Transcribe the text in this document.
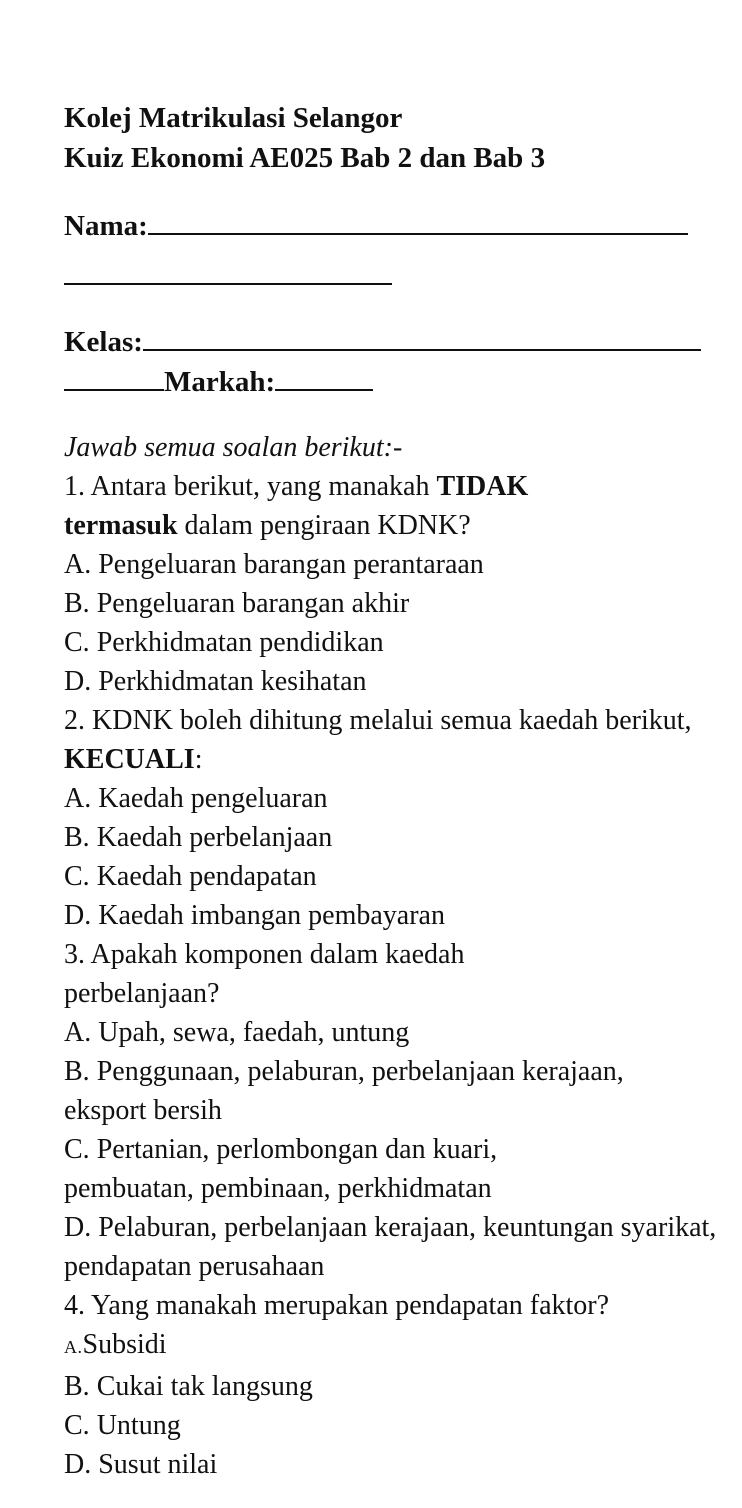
Kolej Matrikulasi Selangor
Kuiz Ekonomi AE025 Bab 2 dan Bab 3
Nama:
Kelas:
Markah:
Jawab semua soalan berikut:-
1. Antara berikut, yang manakah TIDAK termasuk dalam pengiraan KDNK?
A. Pengeluaran barangan perantaraan
B. Pengeluaran barangan akhir
C. Perkhidmatan pendidikan
D. Perkhidmatan kesihatan
2. KDNK boleh dihitung melalui semua kaedah berikut, KECUALI:
A. Kaedah pengeluaran
B. Kaedah perbelanjaan
C. Kaedah pendapatan
D. Kaedah imbangan pembayaran
3. Apakah komponen dalam kaedah perbelanjaan?
A. Upah, sewa, faedah, untung
B. Penggunaan, pelaburan, perbelanjaan kerajaan, eksport bersih
C. Pertanian, perlombongan dan kuari, pembuatan, pembinaan, perkhidmatan
D. Pelaburan, perbelanjaan kerajaan, keuntungan syarikat, pendapatan perusahaan
4. Yang manakah merupakan pendapatan faktor?
A.Subsidi
B. Cukai tak langsung
C. Untung
D. Susut nilai
